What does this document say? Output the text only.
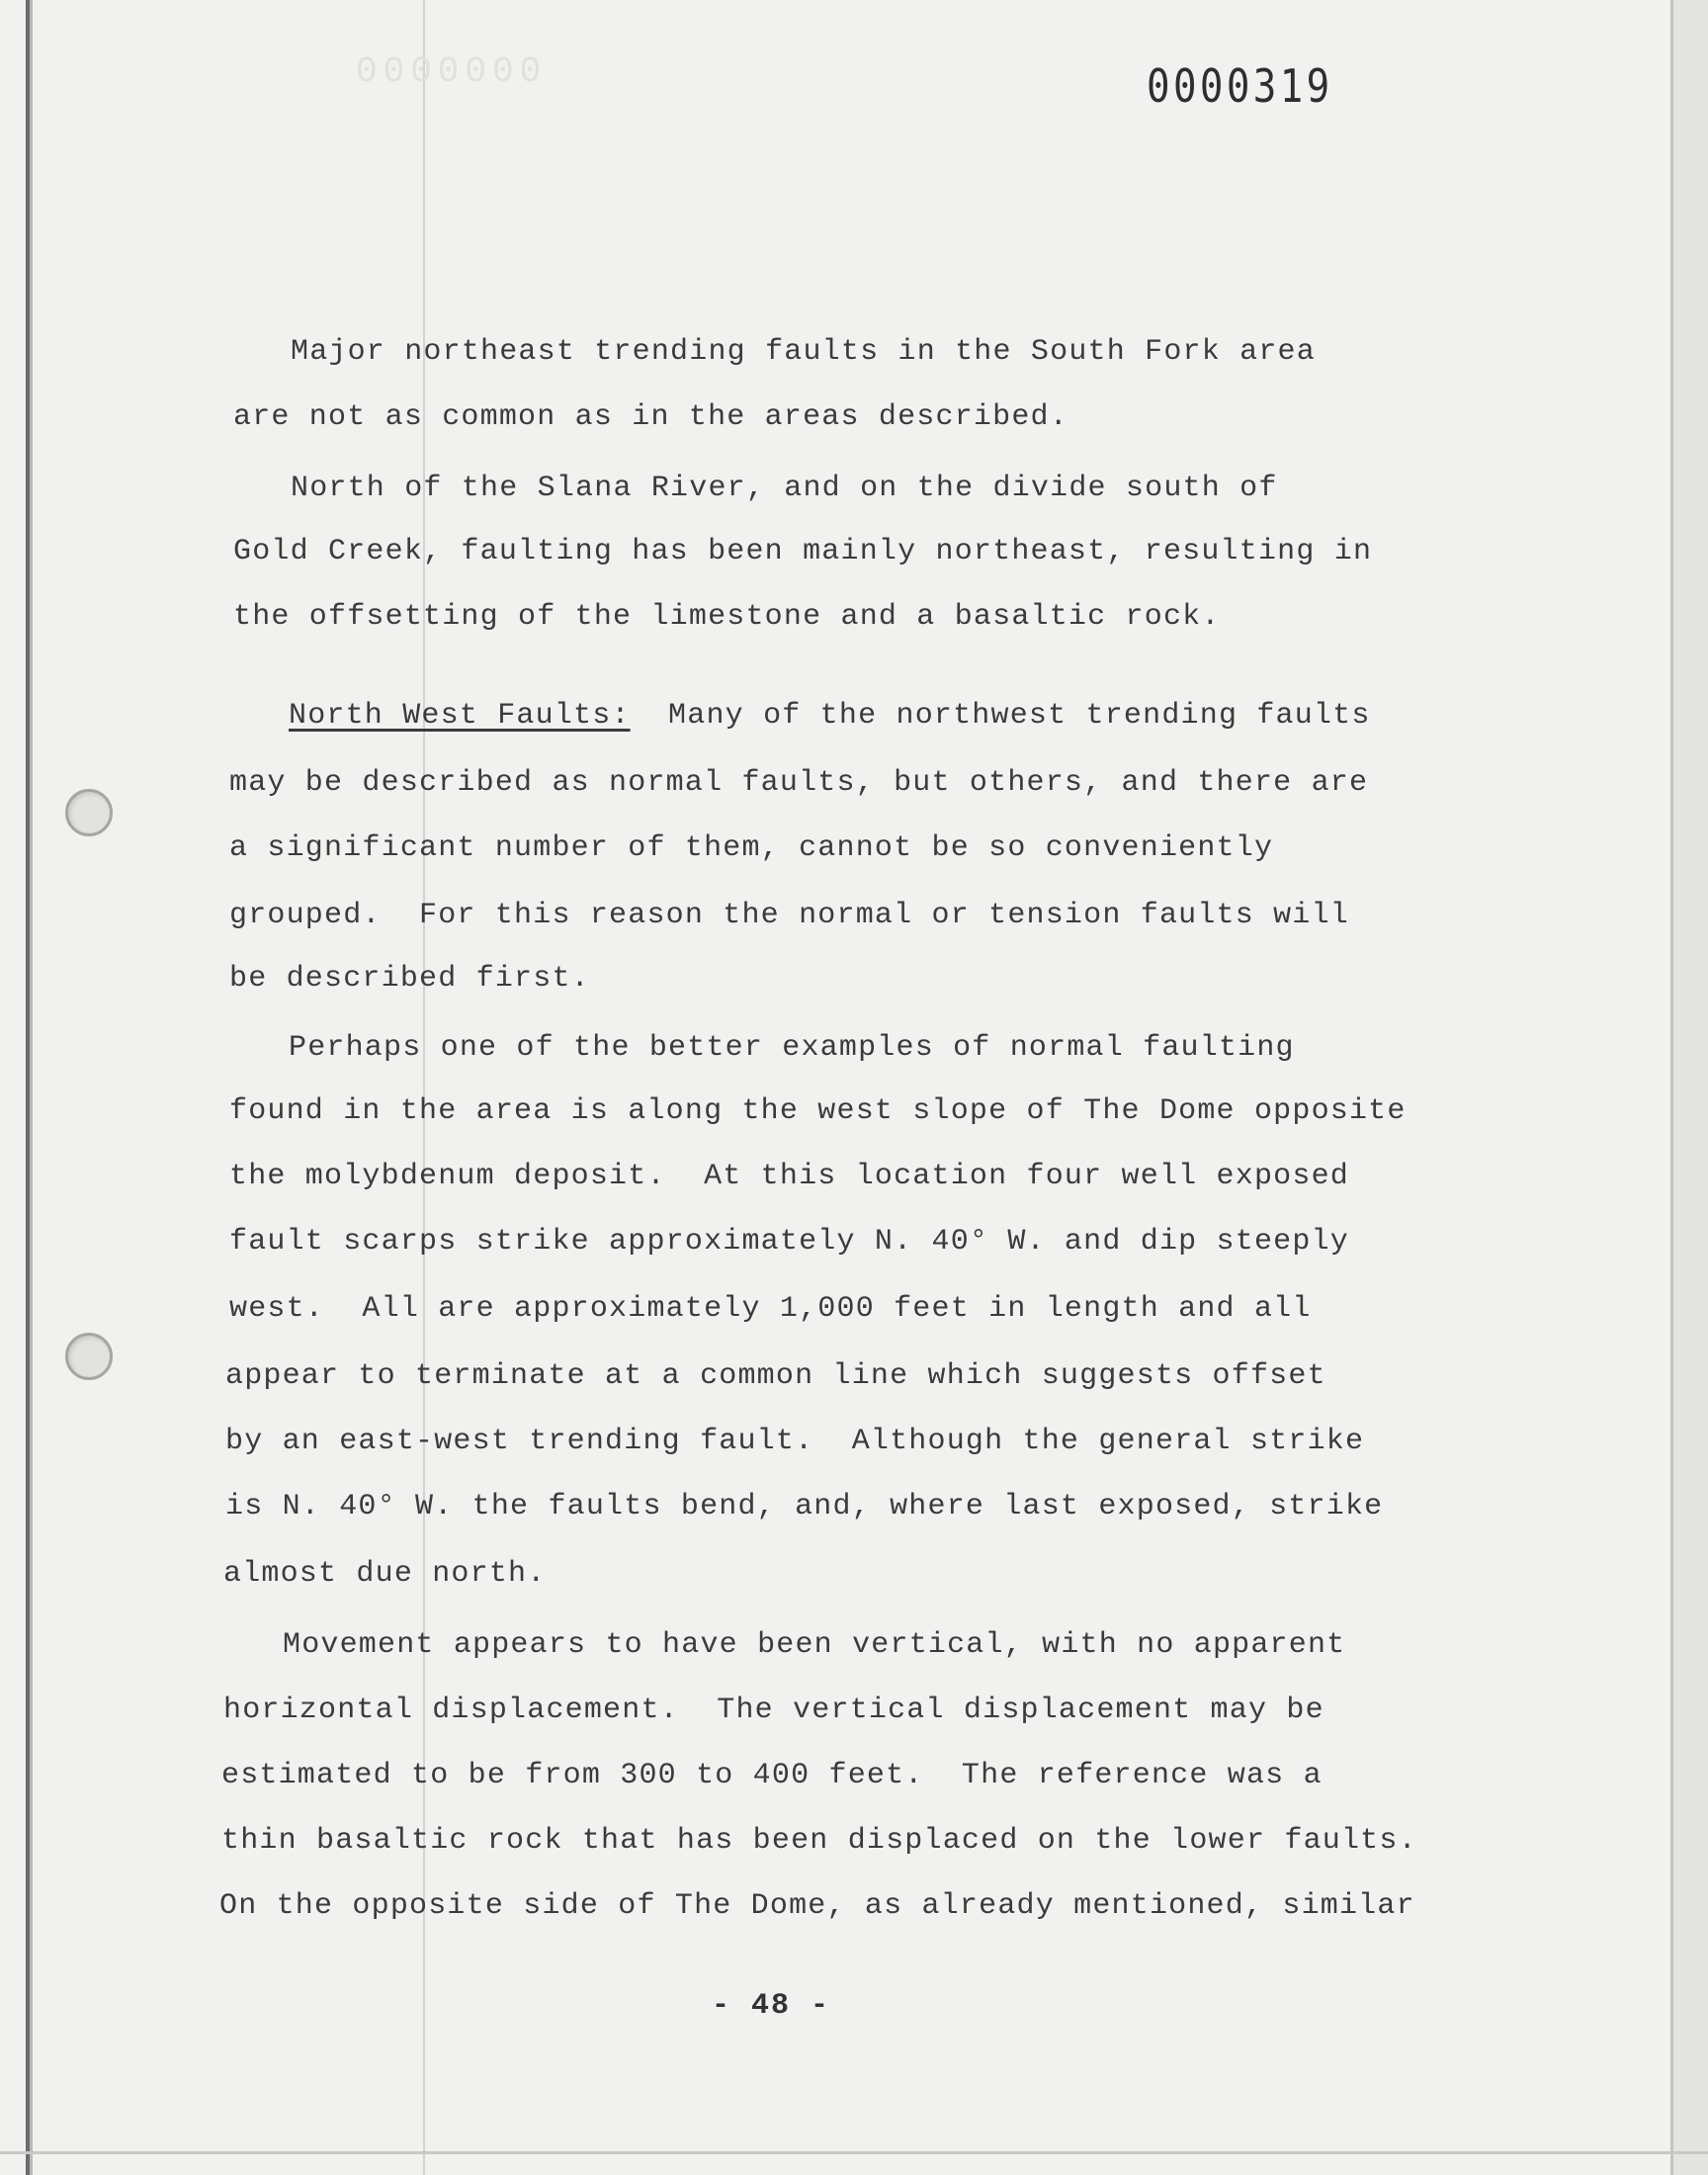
0000000	0000319
Major northeast trending faults in the South Fork area
are not as common as in the areas described.
North of the Slana River, and on the divide south of
Gold Creek, faulting has been mainly northeast, resulting in
the offsetting of the limestone and a basaltic rock.
North West Faults:  Many of the northwest trending faults
may be described as normal faults, but others, and there are
a significant number of them, cannot be so conveniently
grouped.  For this reason the normal or tension faults will
be described first.
Perhaps one of the better examples of normal faulting
found in the area is along the west slope of The Dome opposite
the molybdenum deposit.  At this location four well exposed
fault scarps strike approximately N. 40° W. and dip steeply
west.  All are approximately 1,000 feet in length and all
appear to terminate at a common line which suggests offset
by an east-west trending fault.  Although the general strike
is N. 40° W. the faults bend, and, where last exposed, strike
almost due north.
Movement appears to have been vertical, with no apparent
horizontal displacement.  The vertical displacement may be
estimated to be from 300 to 400 feet.  The reference was a
thin basaltic rock that has been displaced on the lower faults.
On the opposite side of The Dome, as already mentioned, similar
- 48 -
